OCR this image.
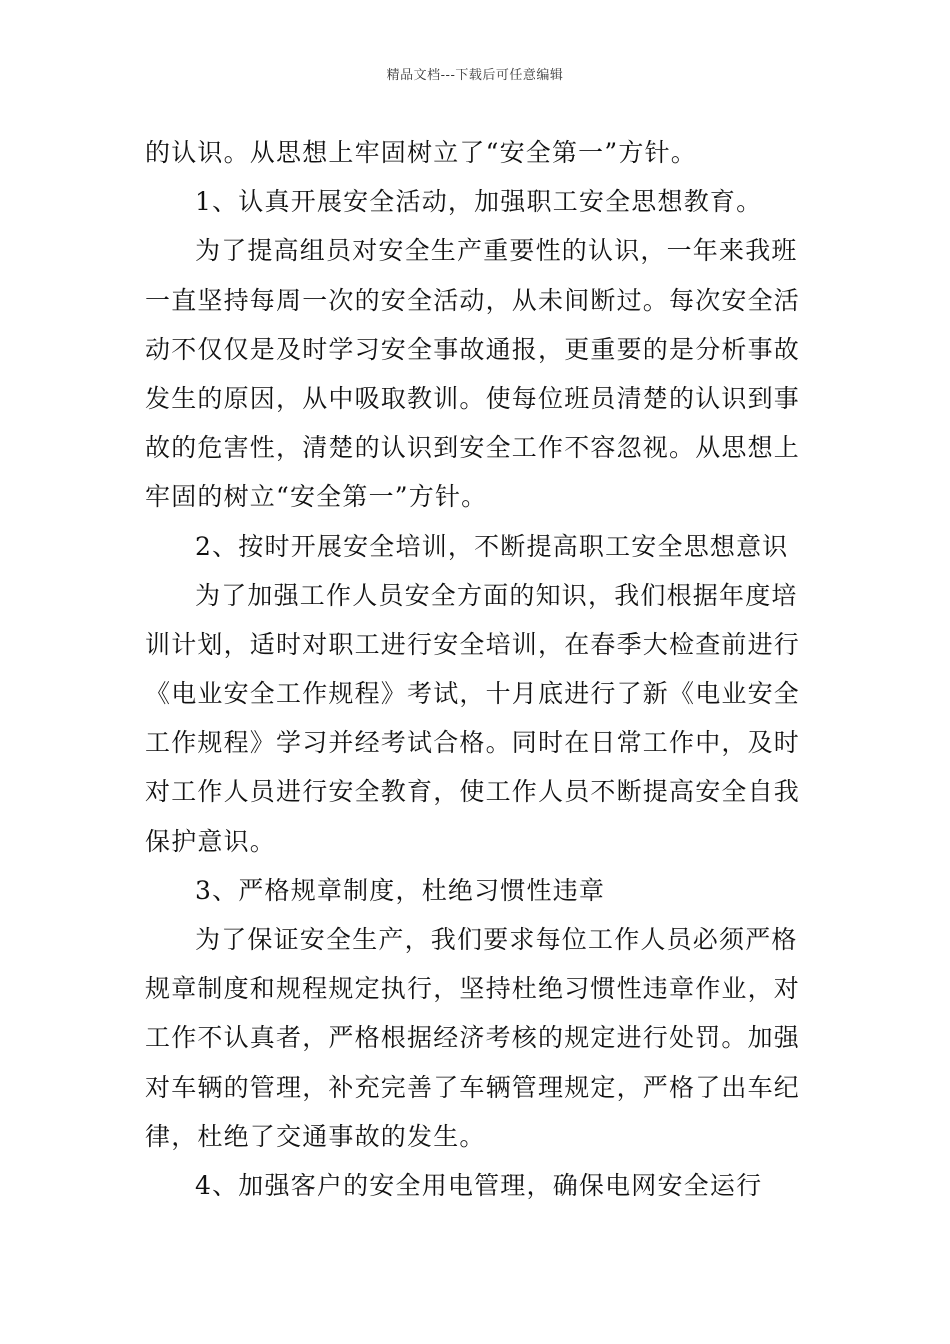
精品文档---下载后可任意编辑
的认识。从思想上牢固树立了“安全第一”方针。
1、认真开展安全活动，加强职工安全思想教育。
为了提高组员对安全生产重要性的认识，一年来我班
一直坚持每周一次的安全活动，从未间断过。每次安全活
动不仅仅是及时学习安全事故通报，更重要的是分析事故
发生的原因，从中吸取教训。使每位班员清楚的认识到事
故的危害性，清楚的认识到安全工作不容忽视。从思想上
牢固的树立“安全第一”方针。
2、按时开展安全培训，不断提高职工安全思想意识
为了加强工作人员安全方面的知识，我们根据年度培
训计划，适时对职工进行安全培训，在春季大检查前进行
《电业安全工作规程》考试，十月底进行了新《电业安全
工作规程》学习并经考试合格。同时在日常工作中，及时
对工作人员进行安全教育，使工作人员不断提高安全自我
保护意识。
3、严格规章制度，杜绝习惯性违章
为了保证安全生产，我们要求每位工作人员必须严格
规章制度和规程规定执行，坚持杜绝习惯性违章作业，对
工作不认真者，严格根据经济考核的规定进行处罚。加强
对车辆的管理，补充完善了车辆管理规定，严格了出车纪
律，杜绝了交通事故的发生。
4、加强客户的安全用电管理，确保电网安全运行
